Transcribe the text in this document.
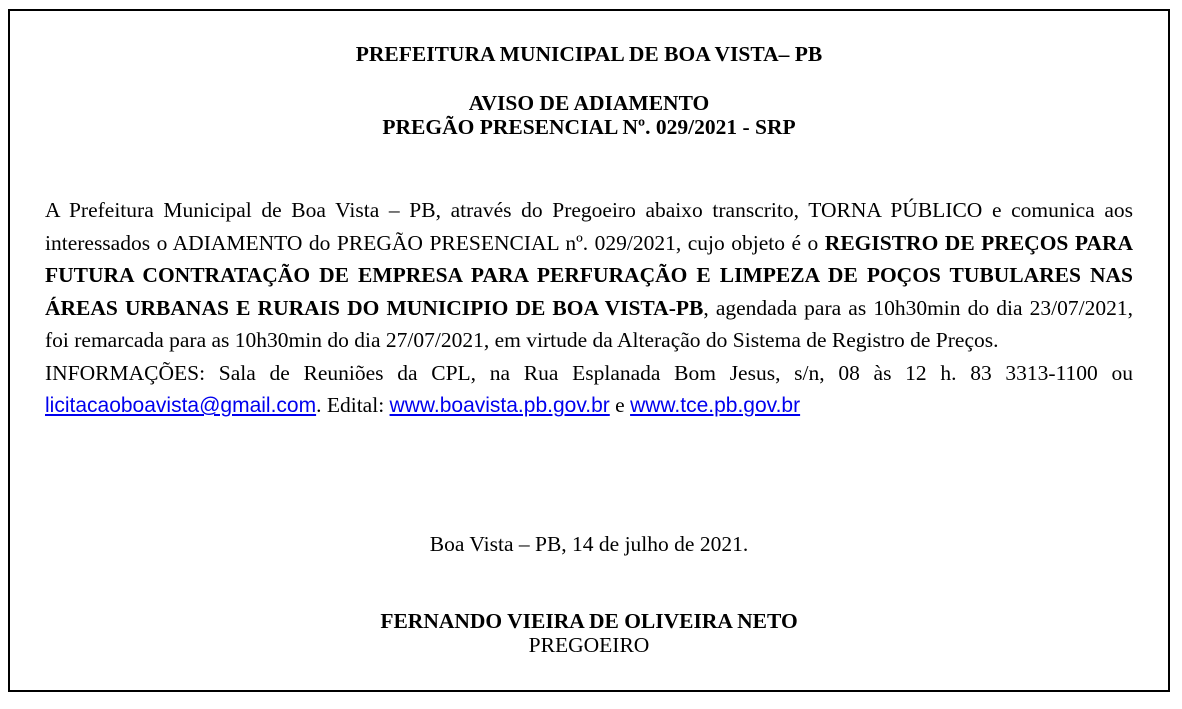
PREFEITURA MUNICIPAL DE BOA VISTA– PB
AVISO DE ADIAMENTO
PREGÃO PRESENCIAL Nº. 029/2021 - SRP

A Prefeitura Municipal de Boa Vista – PB, através do Pregoeiro abaixo transcrito, TORNA PÚBLICO e comunica aos interessados o ADIAMENTO do PREGÃO PRESENCIAL nº. 029/2021, cujo objeto é o REGISTRO DE PREÇOS PARA FUTURA CONTRATAÇÃO DE EMPRESA PARA PERFURAÇÃO E LIMPEZA DE POÇOS TUBULARES NAS ÁREAS URBANAS E RURAIS DO MUNICIPIO DE BOA VISTA-PB, agendada para as 10h30min do dia 23/07/2021, foi remarcada para as 10h30min do dia 27/07/2021, em virtude da Alteração do Sistema de Registro de Preços.

INFORMAÇÕES: Sala de Reuniões da CPL, na Rua Esplanada Bom Jesus, s/n, 08 às 12 h. 83 3313-1100 ou licitacaoboavista@gmail.com. Edital: www.boavista.pb.gov.br e www.tce.pb.gov.br

Boa Vista – PB, 14 de julho de 2021.
FERNANDO VIEIRA DE OLIVEIRA NETO
PREGOEIRO
